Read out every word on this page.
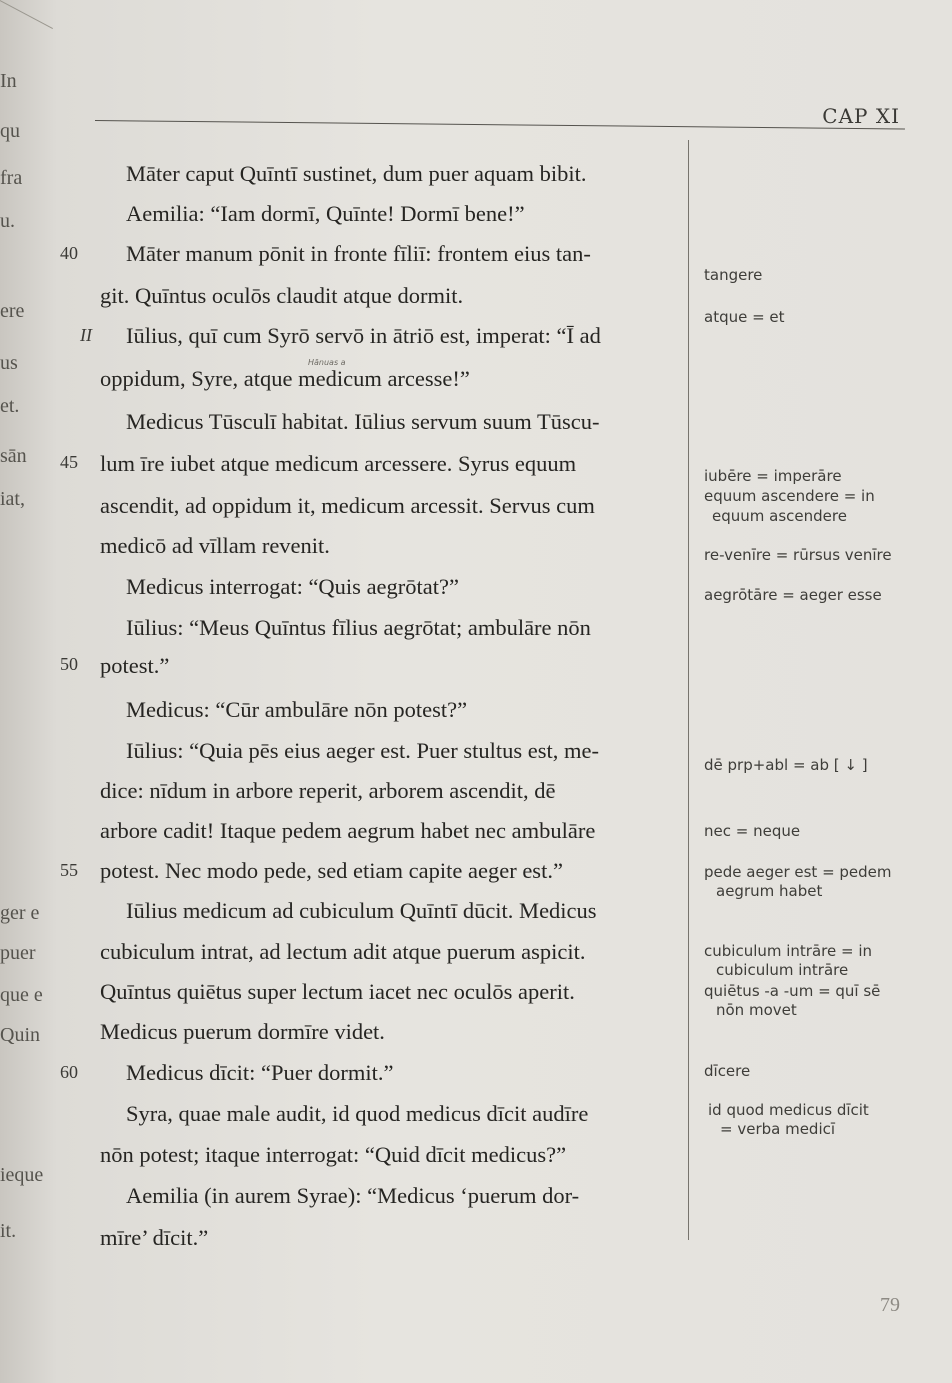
In
qu
fra
u.
ere
us
et.
sān
iat,
ger e
puer
que e
Quin
ieque
it.
CAP XI
Māter caput Quīntī sustinet, dum puer aquam bibit.
Aemilia: “Iam dormī, Quīnte! Dormī bene!”
40 Māter manum pōnit in fronte fīliī: frontem eius tan-
git. Quīntus oculōs claudit atque dormit.
II Iūlius, quī cum Syrō servō in ātriō est, imperat: “Ī ad
Hānuas a
oppidum, Syre, atque medicum arcesse!”
Medicus Tūsculī habitat. Iūlius servum suum Tūscu-
45 lum īre iubet atque medicum arcessere. Syrus equum
ascendit, ad oppidum it, medicum arcessit. Servus cum
medicō ad vīllam revenit.
Medicus interrogat: “Quis aegrōtat?”
Iūlius: “Meus Quīntus fīlius aegrōtat; ambulāre nōn
50 potest.”
Medicus: “Cūr ambulāre nōn potest?”
Iūlius: “Quia pēs eius aeger est. Puer stultus est, me-
dice: nīdum in arbore reperit, arborem ascendit, dē
arbore cadit! Itaque pedem aegrum habet nec ambulāre
55 potest. Nec modo pede, sed etiam capite aeger est.”
Iūlius medicum ad cubiculum Quīntī dūcit. Medicus
cubiculum intrat, ad lectum adit atque puerum aspicit.
Quīntus quiētus super lectum iacet nec oculōs aperit.
Medicus puerum dormīre videt.
60 Medicus dīcit: “Puer dormit.”
Syra, quae male audit, id quod medicus dīcit audīre
nōn potest; itaque interrogat: “Quid dīcit medicus?”
Aemilia (in aurem Syrae): “Medicus ‘puerum dor-
mīre’ dīcit.”
tangere
atque = et
iubēre = imperāre
equum ascendere = in
equum ascendere
re-venīre = rūrsus venīre
aegrōtāre = aeger esse
dē prp+abl = ab [ ↓ ]
nec = neque
pede aeger est = pedem
aegrum habet
cubiculum intrāre = in
cubiculum intrāre
quiētus -a -um = quī sē
nōn movet
dīcere
id quod medicus dīcit
= verba medicī
79
